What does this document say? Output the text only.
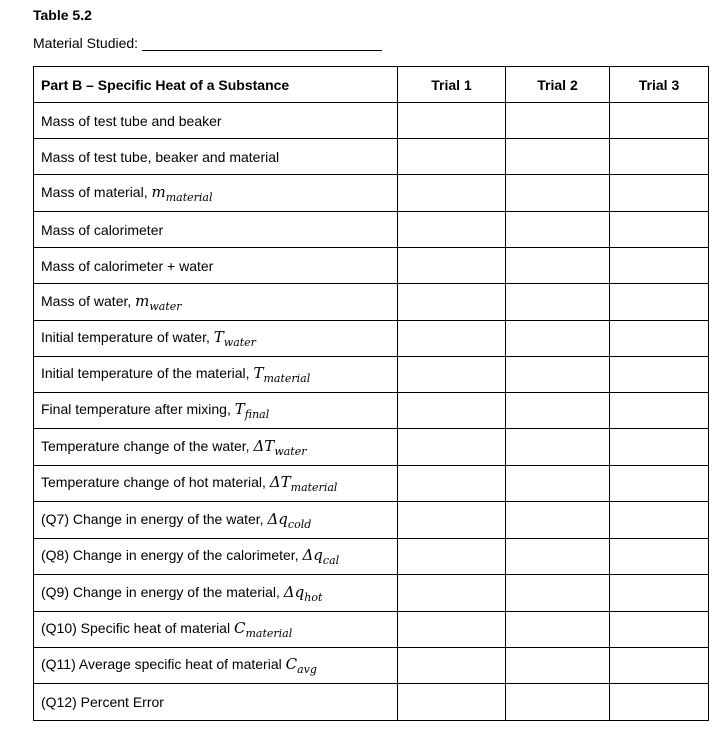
Table 5.2
Material Studied:
Part B – Specific Heat of a Substance	Trial 1	Trial 2	Trial 3
Mass of test tube and beaker			
Mass of test tube, beaker and material			
Mass of material, $m_{material}$			
Mass of calorimeter			
Mass of calorimeter + water			
Mass of water, $m_{water}$			
Initial temperature of water, $T_{water}$			
Initial temperature of the material, $T_{material}$			
Final temperature after mixing, $T_{final}$			
Temperature change of the water, $\Delta T_{water}$			
Temperature change of hot material, $\Delta T_{material}$			
(Q7) Change in energy of the water, $\Delta q_{cold}$			
(Q8) Change in energy of the calorimeter, $\Delta q_{cal}$			
(Q9) Change in energy of the material, $\Delta q_{hot}$			
(Q10) Specific heat of material $C_{material}$			
(Q11) Average specific heat of material $C_{avg}$			
(Q12) Percent Error			
